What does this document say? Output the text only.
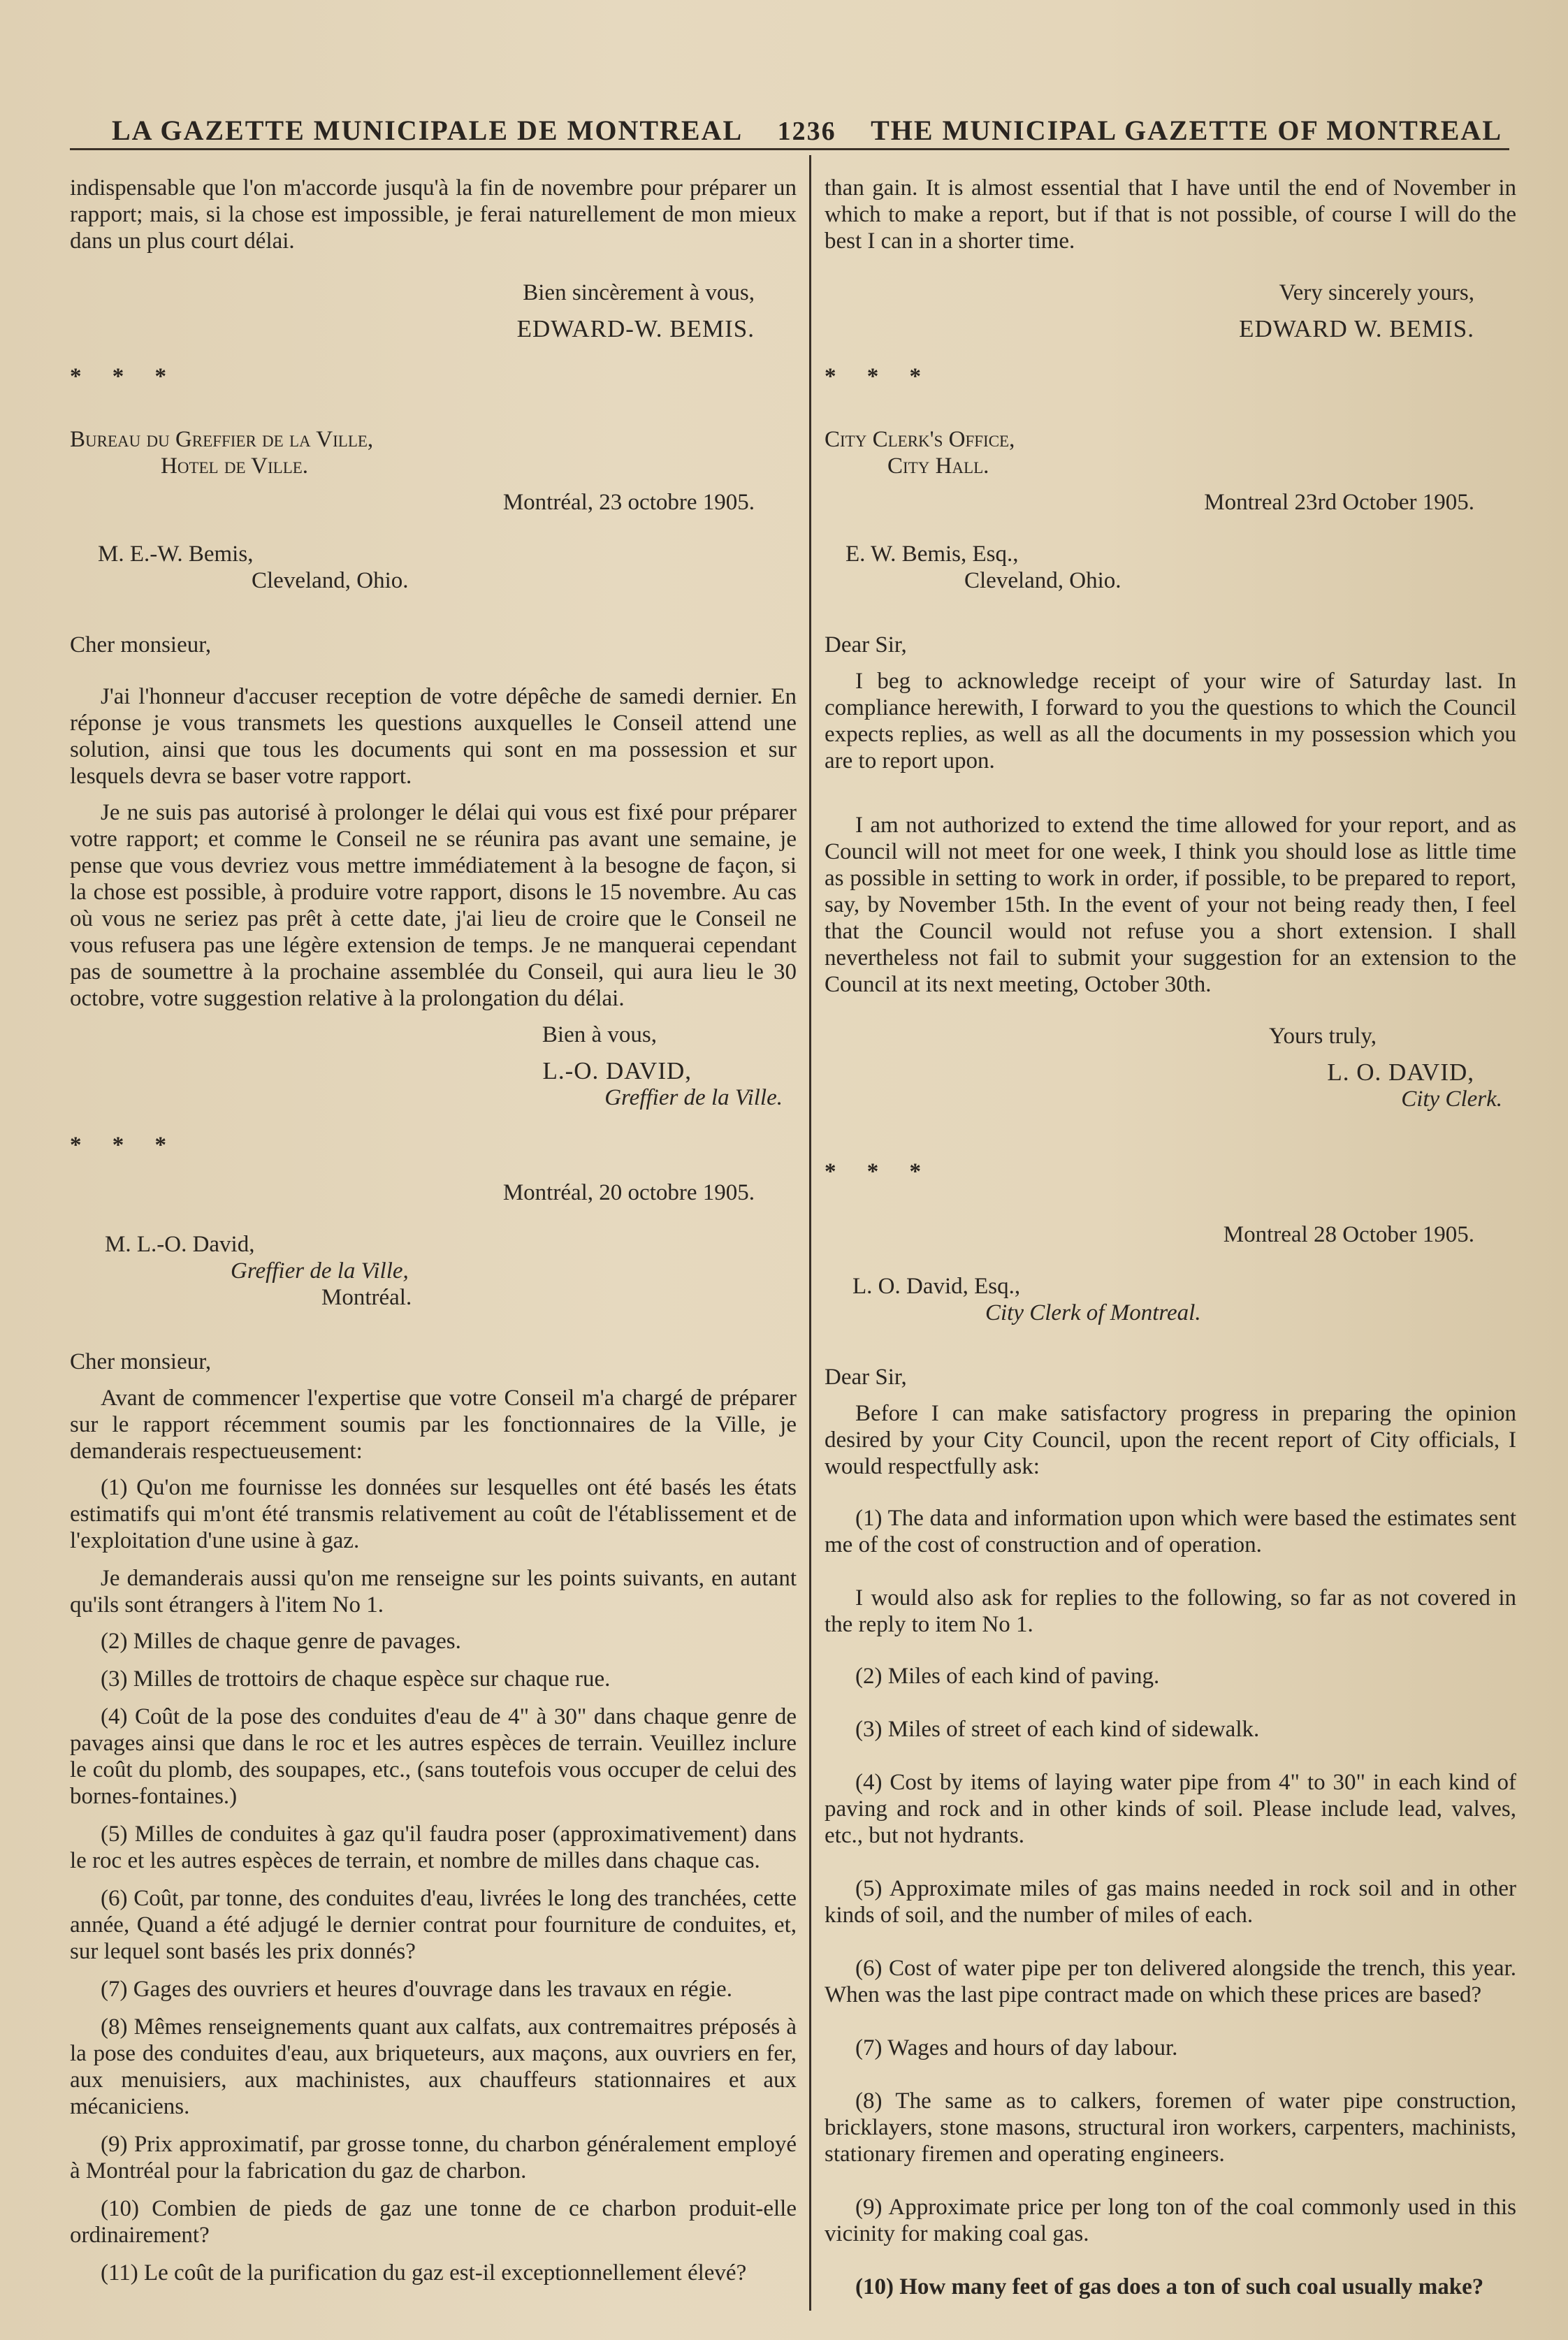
LA GAZETTE MUNICIPALE DE MONTREAL 1236 THE MUNICIPAL GAZETTE OF MONTREAL

indispensable que l'on m'accorde jusqu'à la fin de novembre pour préparer un rapport; mais, si la chose est impossible, je ferai naturellement de mon mieux dans un plus court délai.

Bien sincèrement à vous,

EDWARD-W. BEMIS.

* * *

Bureau du Greffier de la Ville,

Hotel de Ville.

Montréal, 23 octobre 1905.

M. E.-W. Bemis,

Cleveland, Ohio.

Cher monsieur,

J'ai l'honneur d'accuser reception de votre dépêche de samedi dernier. En réponse je vous transmets les questions auxquelles le Conseil attend une solution, ainsi que tous les documents qui sont en ma possession et sur lesquels devra se baser votre rapport.

Je ne suis pas autorisé à prolonger le délai qui vous est fixé pour préparer votre rapport; et comme le Conseil ne se réunira pas avant une semaine, je pense que vous devriez vous mettre immédiatement à la besogne de façon, si la chose est possible, à produire votre rapport, disons le 15 novembre. Au cas où vous ne seriez pas prêt à cette date, j'ai lieu de croire que le Conseil ne vous refusera pas une légère extension de temps. Je ne manquerai cependant pas de soumettre à la prochaine assemblée du Conseil, qui aura lieu le 30 octobre, votre suggestion relative à la prolongation du délai.

Bien à vous,

L.-O. DAVID,

Greffier de la Ville.

* * *

Montréal, 20 octobre 1905.

M. L.-O. David,

Greffier de la Ville,

Montréal.

Cher monsieur,

Avant de commencer l'expertise que votre Conseil m'a chargé de préparer sur le rapport récemment soumis par les fonctionnaires de la Ville, je demanderais respectueusement:

(1) Qu'on me fournisse les données sur lesquelles ont été basés les états estimatifs qui m'ont été transmis relativement au coût de l'établissement et de l'exploitation d'une usine à gaz.

Je demanderais aussi qu'on me renseigne sur les points suivants, en autant qu'ils sont étrangers à l'item No 1.

(2) Milles de chaque genre de pavages.

(3) Milles de trottoirs de chaque espèce sur chaque rue.

(4) Coût de la pose des conduites d'eau de 4" à 30" dans chaque genre de pavages ainsi que dans le roc et les autres espèces de terrain. Veuillez inclure le coût du plomb, des soupapes, etc., (sans toutefois vous occuper de celui des bornes-fontaines.)

(5) Milles de conduites à gaz qu'il faudra poser (approximativement) dans le roc et les autres espèces de terrain, et nombre de milles dans chaque cas.

(6) Coût, par tonne, des conduites d'eau, livrées le long des tranchées, cette année, Quand a été adjugé le dernier contrat pour fourniture de conduites, et, sur lequel sont basés les prix donnés?

(7) Gages des ouvriers et heures d'ouvrage dans les travaux en régie.

(8) Mêmes renseignements quant aux calfats, aux contremaitres préposés à la pose des conduites d'eau, aux briqueteurs, aux maçons, aux ouvriers en fer, aux menuisiers, aux machinistes, aux chauffeurs stationnaires et aux mécaniciens.

(9) Prix approximatif, par grosse tonne, du charbon généralement employé à Montréal pour la fabrication du gaz de charbon.

(10) Combien de pieds de gaz une tonne de ce charbon produit-elle ordinairement?

(11) Le coût de la purification du gaz est-il exceptionnellement élevé?

than gain. It is almost essential that I have until the end of November in which to make a report, but if that is not possible, of course I will do the best I can in a shorter time.

Very sincerely yours,

EDWARD W. BEMIS.

* * *

City Clerk's Office,

City Hall.

Montreal 23rd October 1905.

E. W. Bemis, Esq.,

Cleveland, Ohio.

Dear Sir,

I beg to acknowledge receipt of your wire of Saturday last. In compliance herewith, I forward to you the questions to which the Council expects replies, as well as all the documents in my possession which you are to report upon.

I am not authorized to extend the time allowed for your report, and as Council will not meet for one week, I think you should lose as little time as possible in setting to work in order, if possible, to be prepared to report, say, by November 15th. In the event of your not being ready then, I feel that the Council would not refuse you a short extension. I shall nevertheless not fail to submit your suggestion for an extension to the Council at its next meeting, October 30th.

Yours truly,

L. O. DAVID,

City Clerk.

* * *

Montreal 28 October 1905.

L. O. David, Esq.,

City Clerk of Montreal.

Dear Sir,

Before I can make satisfactory progress in preparing the opinion desired by your City Council, upon the recent report of City officials, I would respectfully ask:

(1) The data and information upon which were based the estimates sent me of the cost of construction and of operation.

I would also ask for replies to the following, so far as not covered in the reply to item No 1.

(2) Miles of each kind of paving.

(3) Miles of street of each kind of sidewalk.

(4) Cost by items of laying water pipe from 4" to 30" in each kind of paving and rock and in other kinds of soil. Please include lead, valves, etc., but not hydrants.

(5) Approximate miles of gas mains needed in rock soil and in other kinds of soil, and the number of miles of each.

(6) Cost of water pipe per ton delivered alongside the trench, this year. When was the last pipe contract made on which these prices are based?

(7) Wages and hours of day labour.

(8) The same as to calkers, foremen of water pipe construction, bricklayers, stone masons, structural iron workers, carpenters, machinists, stationary firemen and operating engineers.

(9) Approximate price per long ton of the coal commonly used in this vicinity for making coal gas.

(10) How many feet of gas does a ton of such coal usually make?
